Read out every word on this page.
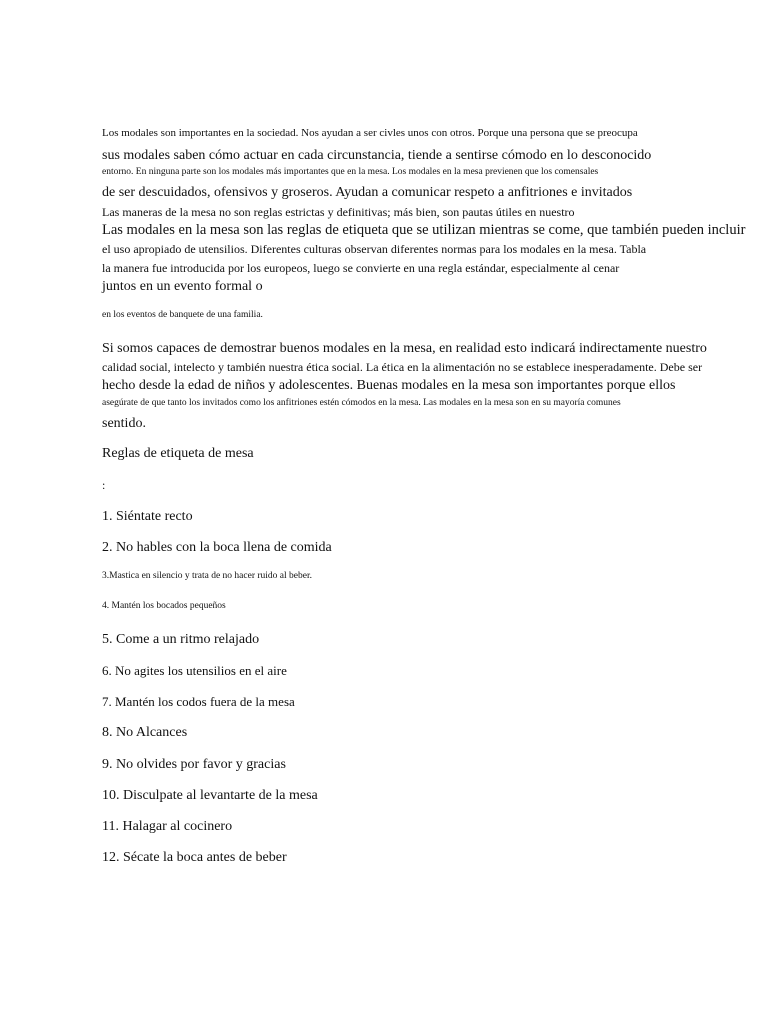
Los modales son importantes en la sociedad. Nos ayudan a ser civles unos con otros. Porque una persona que se preocupa

sus modales saben cómo actuar en cada circunstancia, tiende a sentirse cómodo en lo desconocido

entorno. En ninguna parte son los modales más importantes que en la mesa. Los modales en la mesa previenen que los comensales

de ser descuidados, ofensivos y groseros. Ayudan a comunicar respeto a anfitriones e invitados

Las maneras de la mesa no son reglas estrictas y definitivas; más bien, son pautas útiles en nuestro

Las modales en la mesa son las reglas de etiqueta que se utilizan mientras se come, que también pueden incluir

el uso apropiado de utensilios. Diferentes culturas observan diferentes normas para los modales en la mesa. Tabla

la manera fue introducida por los europeos, luego se convierte en una regla estándar, especialmente al cenar

juntos en un evento formal o

en los eventos de banquete de una familia.

Si somos capaces de demostrar buenos modales en la mesa, en realidad esto indicará indirectamente nuestro

calidad social, intelecto y también nuestra ética social. La ética en la alimentación no se establece inesperadamente. Debe ser

hecho desde la edad de niños y adolescentes. Buenas modales en la mesa son importantes porque ellos

asegúrate de que tanto los invitados como los anfitriones estén cómodos en la mesa. Las modales en la mesa son en su mayoría comunes

sentido.

Reglas de etiqueta de mesa

:

1. Siéntate recto

2. No hables con la boca llena de comida

3.Mastica en silencio y trata de no hacer ruido al beber.

4. Mantén los bocados pequeños

5. Come a un ritmo relajado

6. No agites los utensilios en el aire

7. Mantén los codos fuera de la mesa

8. No Alcances

9. No olvides por favor y gracias

10. Disculpate al levantarte de la mesa

11. Halagar al cocinero

12. Sécate la boca antes de beber
